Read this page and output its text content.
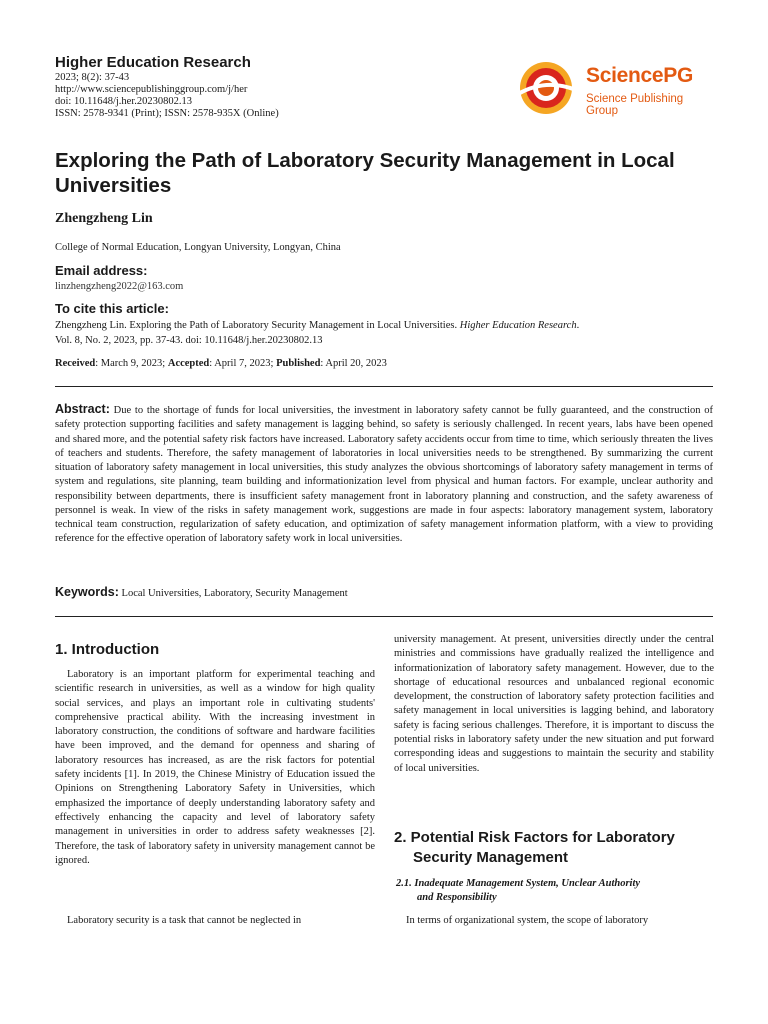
Higher Education Research
2023; 8(2): 37-43
http://www.sciencepublishinggroup.com/j/her
doi: 10.11648/j.her.20230802.13
ISSN: 2578-9341 (Print); ISSN: 2578-935X (Online)
SciencePG
Science Publishing Group
Exploring the Path of Laboratory Security Management in Local Universities
Zhengzheng Lin
College of Normal Education, Longyan University, Longyan, China
Email address:
linzhengzheng2022@163.com
To cite this article:
Zhengzheng Lin. Exploring the Path of Laboratory Security Management in Local Universities. Higher Education Research.
Vol. 8, No. 2, 2023, pp. 37-43. doi: 10.11648/j.her.20230802.13
Received: March 9, 2023; Accepted: April 7, 2023; Published: April 20, 2023
Abstract: Due to the shortage of funds for local universities, the investment in laboratory safety cannot be fully guaranteed, and the construction of safety protection supporting facilities and safety management is lagging behind, so safety is seriously challenged. In recent years, labs have been opened and shared more, and the potential safety risk factors have increased. Laboratory safety accidents occur from time to time, which seriously threaten the lives of teachers and students. Therefore, the safety management of laboratories in local universities needs to be strengthened. By summarizing the current situation of laboratory safety management in local universities, this study analyzes the obvious shortcomings of laboratory safety management in terms of system and regulations, site planning, team building and informationization level from physical and human factors. For example, unclear authority and responsibility between departments, there is insufficient safety management front in laboratory planning and construction, and the safety awareness of personnel is weak. In view of the risks in safety management work, suggestions are made in four aspects: laboratory management system, laboratory technical team construction, regularization of safety education, and optimization of safety management information platform, with a view to providing reference for the effective operation of laboratory safety work in local universities.
Keywords: Local Universities, Laboratory, Security Management
1. Introduction
Laboratory is an important platform for experimental teaching and scientific research in universities, as well as a window for high quality social services, and plays an important role in cultivating students' comprehensive practical ability. With the increasing investment in laboratory construction, the conditions of software and hardware facilities have been improved, and the demand for openness and sharing of laboratory resources has increased, as are the risk factors for potential safety incidents [1]. In 2019, the Chinese Ministry of Education issued the Opinions on Strengthening Laboratory Safety in Universities, which emphasized the importance of deeply understanding laboratory safety and effectively enhancing the capacity and level of laboratory safety management in universities in order to address safety weaknesses [2]. Therefore, the task of laboratory safety in university management cannot be ignored.
Laboratory security is a task that cannot be neglected in
university management. At present, universities directly under the central ministries and commissions have gradually realized the intelligence and informationization of laboratory safety management. However, due to the shortage of educational resources and unbalanced regional economic development, the construction of laboratory safety protection facilities and safety management in local universities is lagging behind, and laboratory safety is facing serious challenges. Therefore, it is important to discuss the potential risks in laboratory safety under the new situation and put forward corresponding ideas and suggestions to maintain the security and stability of local universities.
2. Potential Risk Factors for Laboratory
Security Management
2.1. Inadequate Management System, Unclear Authority
and Responsibility
In terms of organizational system, the scope of laboratory
